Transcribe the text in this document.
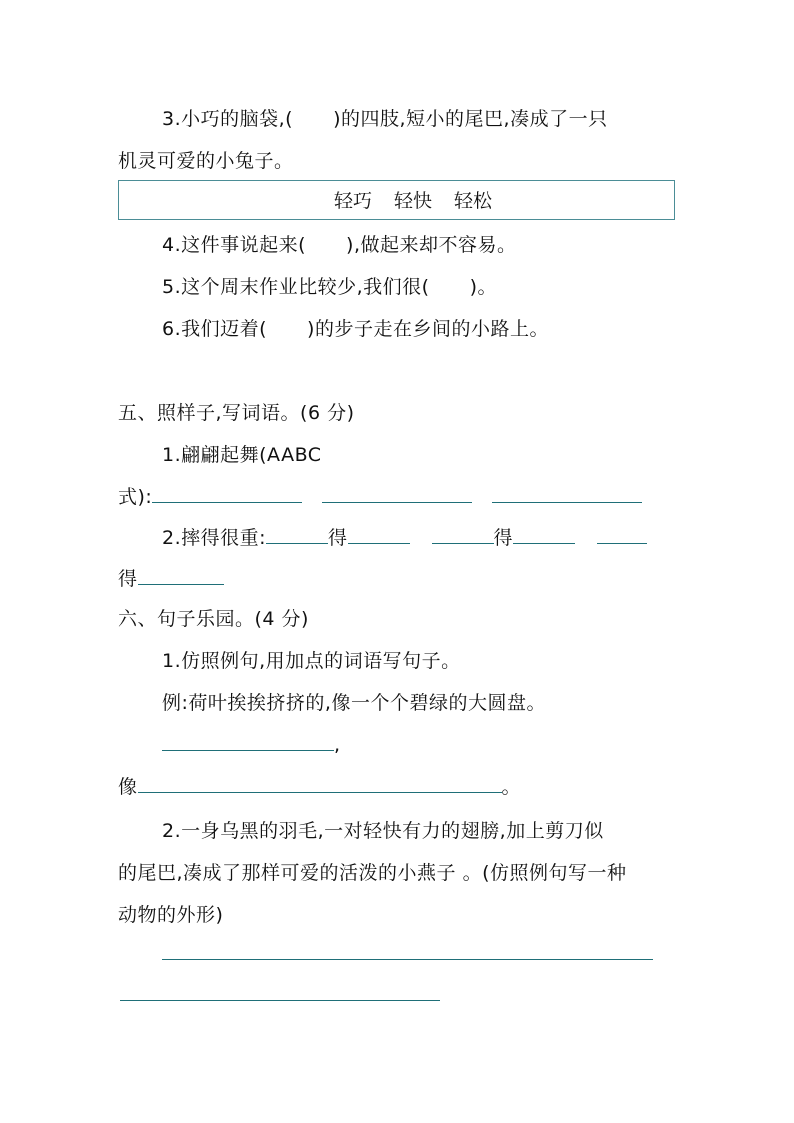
3.小巧的脑袋,( )的四肢,短小的尾巴,凑成了一只
机灵可爱的小兔子。
轻巧 轻快 轻松
4.这件事说起来( ),做起来却不容易。
5.这个周末作业比较少,我们很( )。
6.我们迈着( )的步子走在乡间的小路上。
五、照样子,写词语。(6 分)
1.翩翩起舞(AABC
式):
2.摔得很重:	得	得
得
六、句子乐园。(4 分)
1.仿照例句,用加点的词语写句子。
例:荷叶挨挨挤挤的,像一个个碧绿的大圆盘。
,
像	。
2.一身乌黑的羽毛,一对轻快有力的翅膀,加上剪刀似
的尾巴,凑成了那样可爱的活泼的小燕子 。(仿照例句写一种
动物的外形)
